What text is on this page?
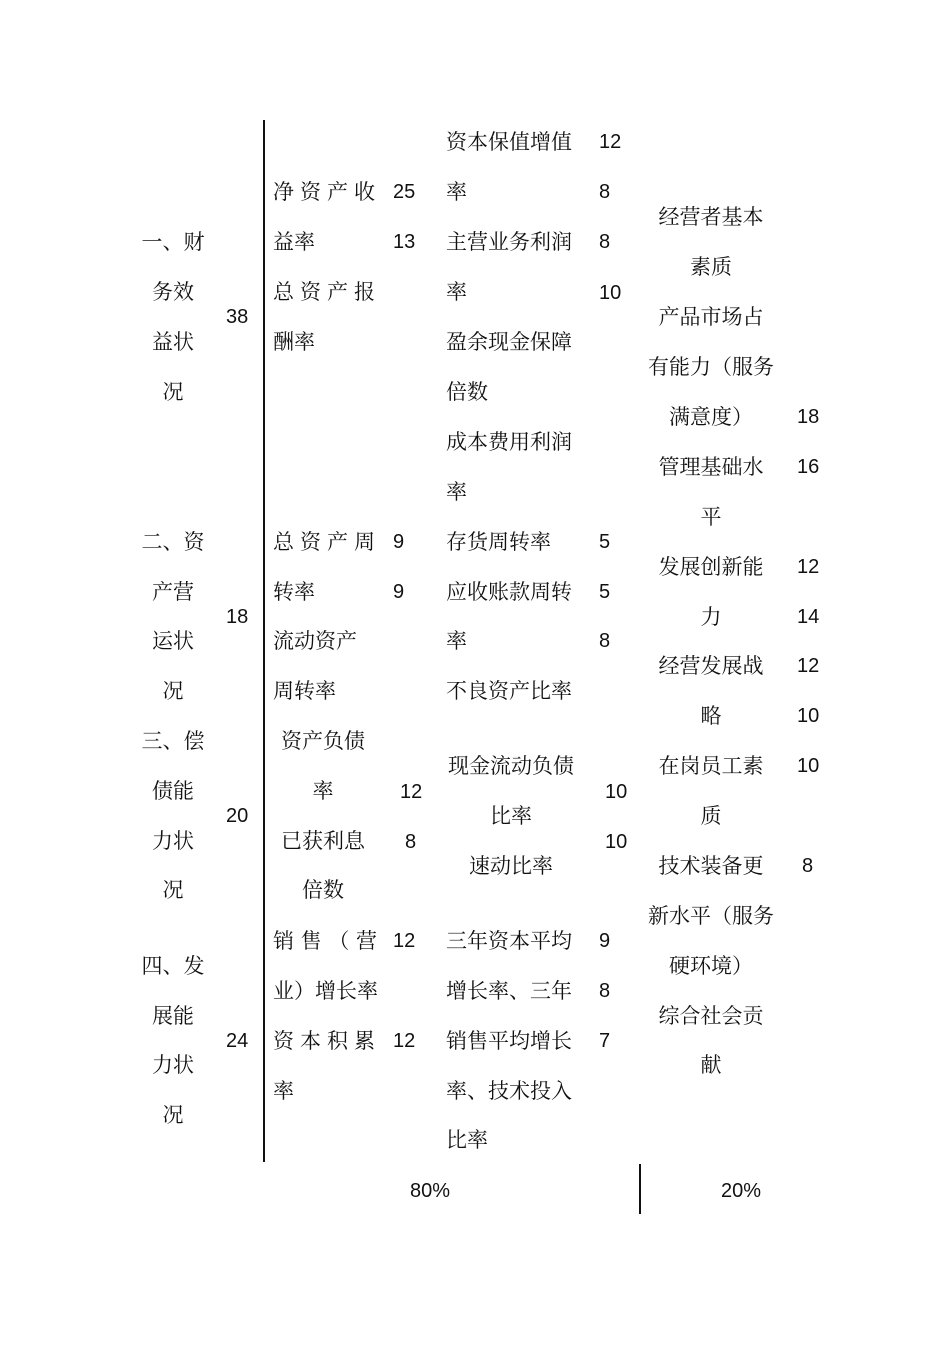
一、财
务效
益状
况
38
二、资
产营
运状
况
18
三、偿
债能
力状
况
20
四、发
展能
力状
况
24
净资产收
益率
总资产报
酬率
25
13
总资产周
转率
流动资产
周转率
9
9
资产负债
率
已获利息
倍数
12
8
销 售 （ 营
业）增长率
资本积累
率
12
12
资本保值增值
率
主营业务利润
率
盈余现金保障
倍数
成本费用利润
率
12
8
8
10
存货周转率
应收账款周转
率
不良资产比率
5
5
8
现金流动负债
比率
速动比率
10
10
三年资本平均
增长率、三年
销售平均增长
率、技术投入
比率
9
8
7
经营者基本
素质
产品市场占
有能力（服务
满意度）
管理基础水
平
发展创新能
力
经营发展战
略
在岗员工素
质
技术装备更
新水平（服务
硬环境）
综合社会贡
献
18
16
12
14
12
10
10
8
80%	20%
